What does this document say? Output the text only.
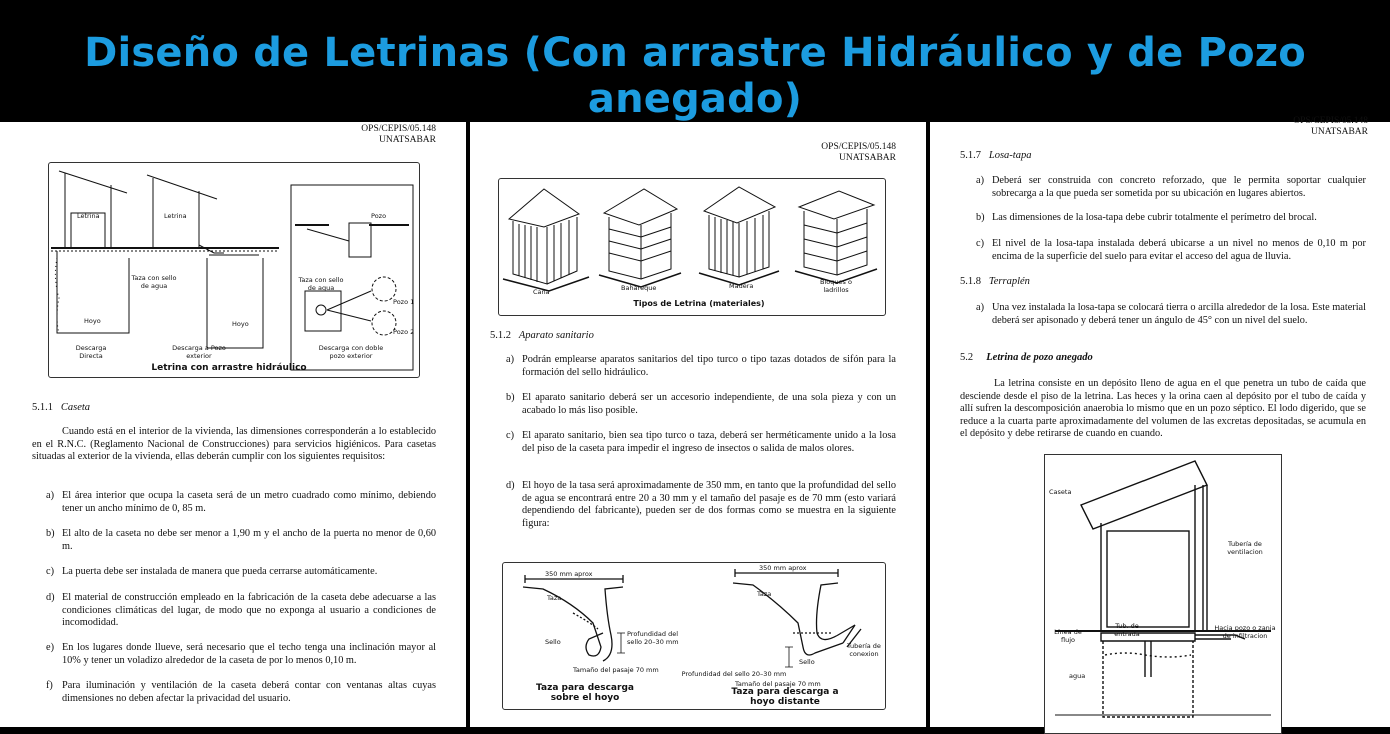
Diseño de Letrinas (Con arrastre Hidráulico y de Pozo anegado)
OPS/CEPIS/05.148
UNATSABAR
Letrina	Letrina
Taza con sello de agua
Hoyo	Hoyo
Pozo
Taza con sello de agua
Pozo 1
Pozo 2
Descarga Directa
Descarga a Pozo exterior
Descarga con doble pozo exterior
Letrina con arrastre hidráulico
5.1.1 Caseta
Cuando está en el interior de la vivienda, las dimensiones corresponderán a lo establecido en el R.N.C. (Reglamento Nacional de Construcciones) para servicios higiénicos. Para casetas situadas al exterior de la vivienda, ellas deberán cumplir con los siguientes requisitos:
a) El área interior que ocupa la caseta será de un metro cuadrado como mínimo, debiendo tener un ancho mínimo de 0, 85 m.
b) El alto de la caseta no debe ser menor a 1,90 m y el ancho de la puerta no menor de 0,60 m.
c) La puerta debe ser instalada de manera que pueda cerrarse automáticamente.
d) El material de construcción empleado en la fabricación de la caseta debe adecuarse a las condiciones climáticas del lugar, de modo que no exponga al usuario a condiciones de incomodidad.
e) En los lugares donde llueve, será necesario que el techo tenga una inclinación mayor al 10% y tener un voladizo alrededor de la caseta de por lo menos 0,10 m.
f) Para iluminación y ventilación de la caseta deberá contar con ventanas altas cuyas dimensiones no deben afectar la privacidad del usuario.
OPS/CEPIS/05.148
UNATSABAR
Caña	Bahareque	Madera	Bloques o ladrillos
Tipos de Letrina (materiales)
5.1.2 Aparato sanitario
a) Podrán emplearse aparatos sanitarios del tipo turco o tipo tazas dotados de sifón para la formación del sello hidráulico.
b) El aparato sanitario deberá ser un accesorio independiente, de una sola pieza y con un acabado lo más liso posible.
c) El aparato sanitario, bien sea tipo turco o taza, deberá ser herméticamente unido a la losa del piso de la caseta para impedir el ingreso de insectos o salida de malos olores.
d) El hoyo de la tasa será aproximadamente de 350 mm, en tanto que la profundidad del sello de agua se encontrará entre 20 a 30 mm y el tamaño del pasaje es de 70 mm (esto variará dependiendo del fabricante), pueden ser de dos formas como se muestra en la siguiente figura:
350 mm aprox
350 mm aprox
Taza	Taza
Sello
Sello
Profundidad del sello 20–30 mm
Profundidad del sello 20–30 mm
Tamaño del pasaje 70 mm
Tamaño del pasaje 70 mm
Tubería de conexion
Taza para descarga sobre el hoyo
Taza para descarga a hoyo distante
OPS/CEPIS/05.148
UNATSABAR
5.1.7 Losa-tapa
a) Deberá ser construida con concreto reforzado, que le permita soportar cualquier sobrecarga a la que pueda ser sometida por su ubicación en lugares abiertos.
b) Las dimensiones de la losa-tapa debe cubrir totalmente el perímetro del brocal.
c) El nivel de la losa-tapa instalada deberá ubicarse a un nivel no menos de 0,10 m por encima de la superficie del suelo para evitar el acceso del agua de lluvia.
5.1.8 Terraplén
a) Una vez instalada la losa-tapa se colocará tierra o arcilla alrededor de la losa. Este material deberá ser apisonado y deberá tener un ángulo de 45° con un nivel del suelo.
5.2 Letrina de pozo anegado
La letrina consiste en un depósito lleno de agua en el que penetra un tubo de caída que desciende desde el piso de la letrina. Las heces y la orina caen al depósito por el tubo de caída y allí sufren la descomposición anaerobia lo mismo que en un pozo séptico. El lodo digerido, que se reduce a la cuarta parte aproximadamente del volumen de las excretas depositadas, se acumula en el depósito y debe retirarse de cuando en cuando.
Caseta
Tubería de ventilacion
Línea de flujo
Tub. de entrada
Hacia pozo o zanja de infiltracion
agua
